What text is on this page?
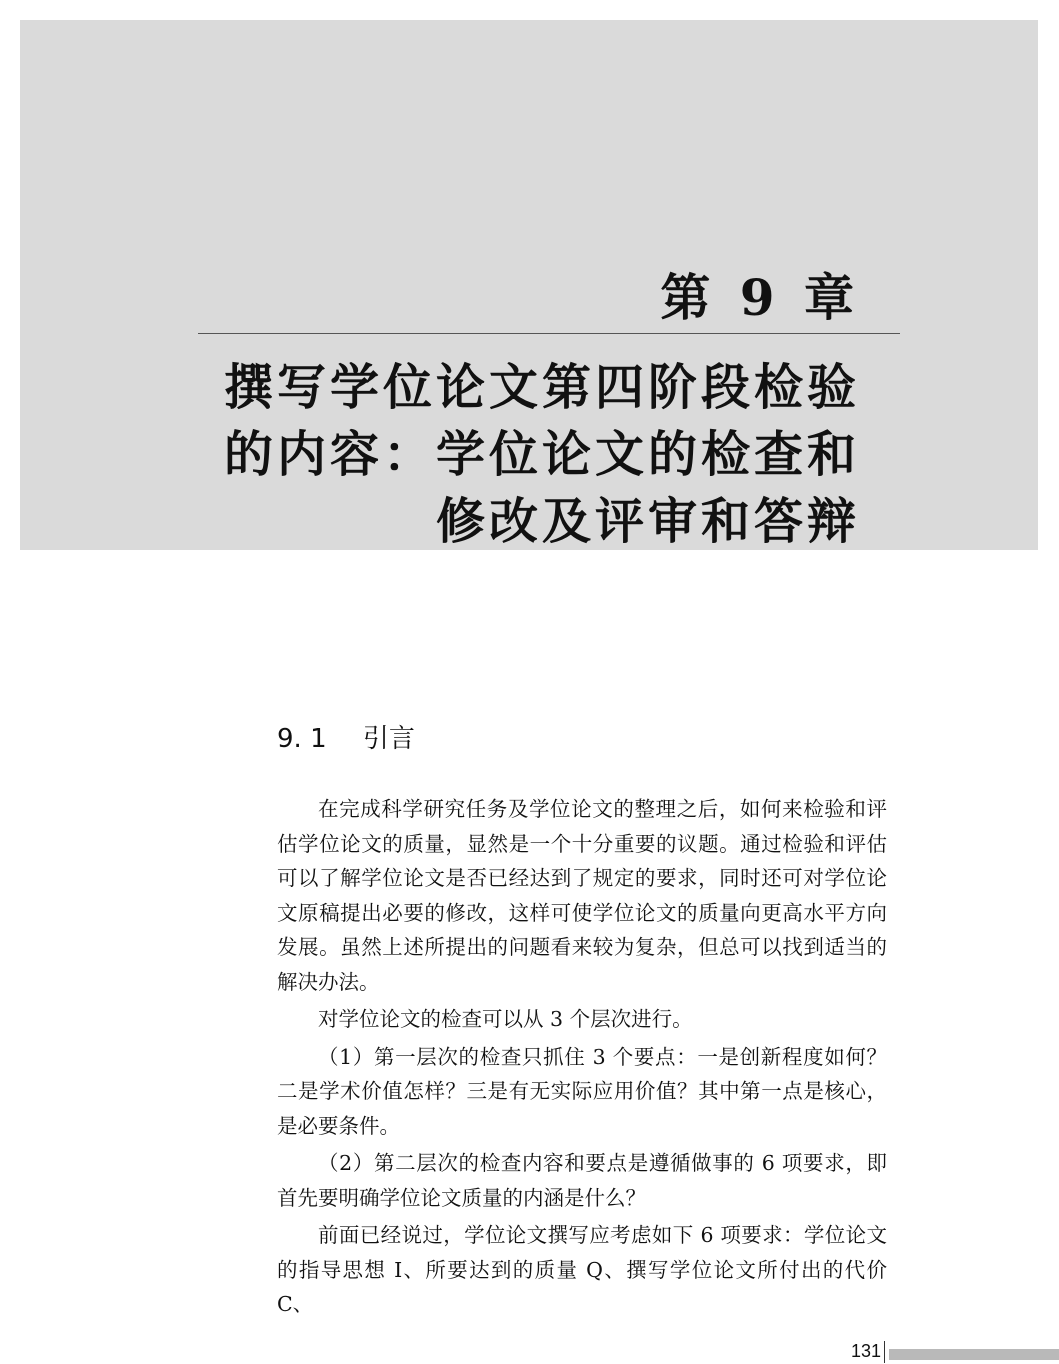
第 9 章
撰写学位论文第四阶段检验
的内容：学位论文的检查和
修改及评审和答辩
9. 1 引言

在完成科学研究任务及学位论文的整理之后，如何来检验和评估学位论文的质量，显然是一个十分重要的议题。通过检验和评估可以了解学位论文是否已经达到了规定的要求，同时还可对学位论文原稿提出必要的修改，这样可使学位论文的质量向更高水平方向发展。虽然上述所提出的问题看来较为复杂，但总可以找到适当的解决办法。

对学位论文的检查可以从 3 个层次进行。

（1）第一层次的检查只抓住 3 个要点：一是创新程度如何？二是学术价值怎样？三是有无实际应用价值？其中第一点是核心，是必要条件。

（2）第二层次的检查内容和要点是遵循做事的 6 项要求，即首先要明确学位论文质量的内涵是什么？

前面已经说过，学位论文撰写应考虑如下 6 项要求：学位论文的指导思想 I、所要达到的质量 Q、撰写学位论文所付出的代价 C、

131
